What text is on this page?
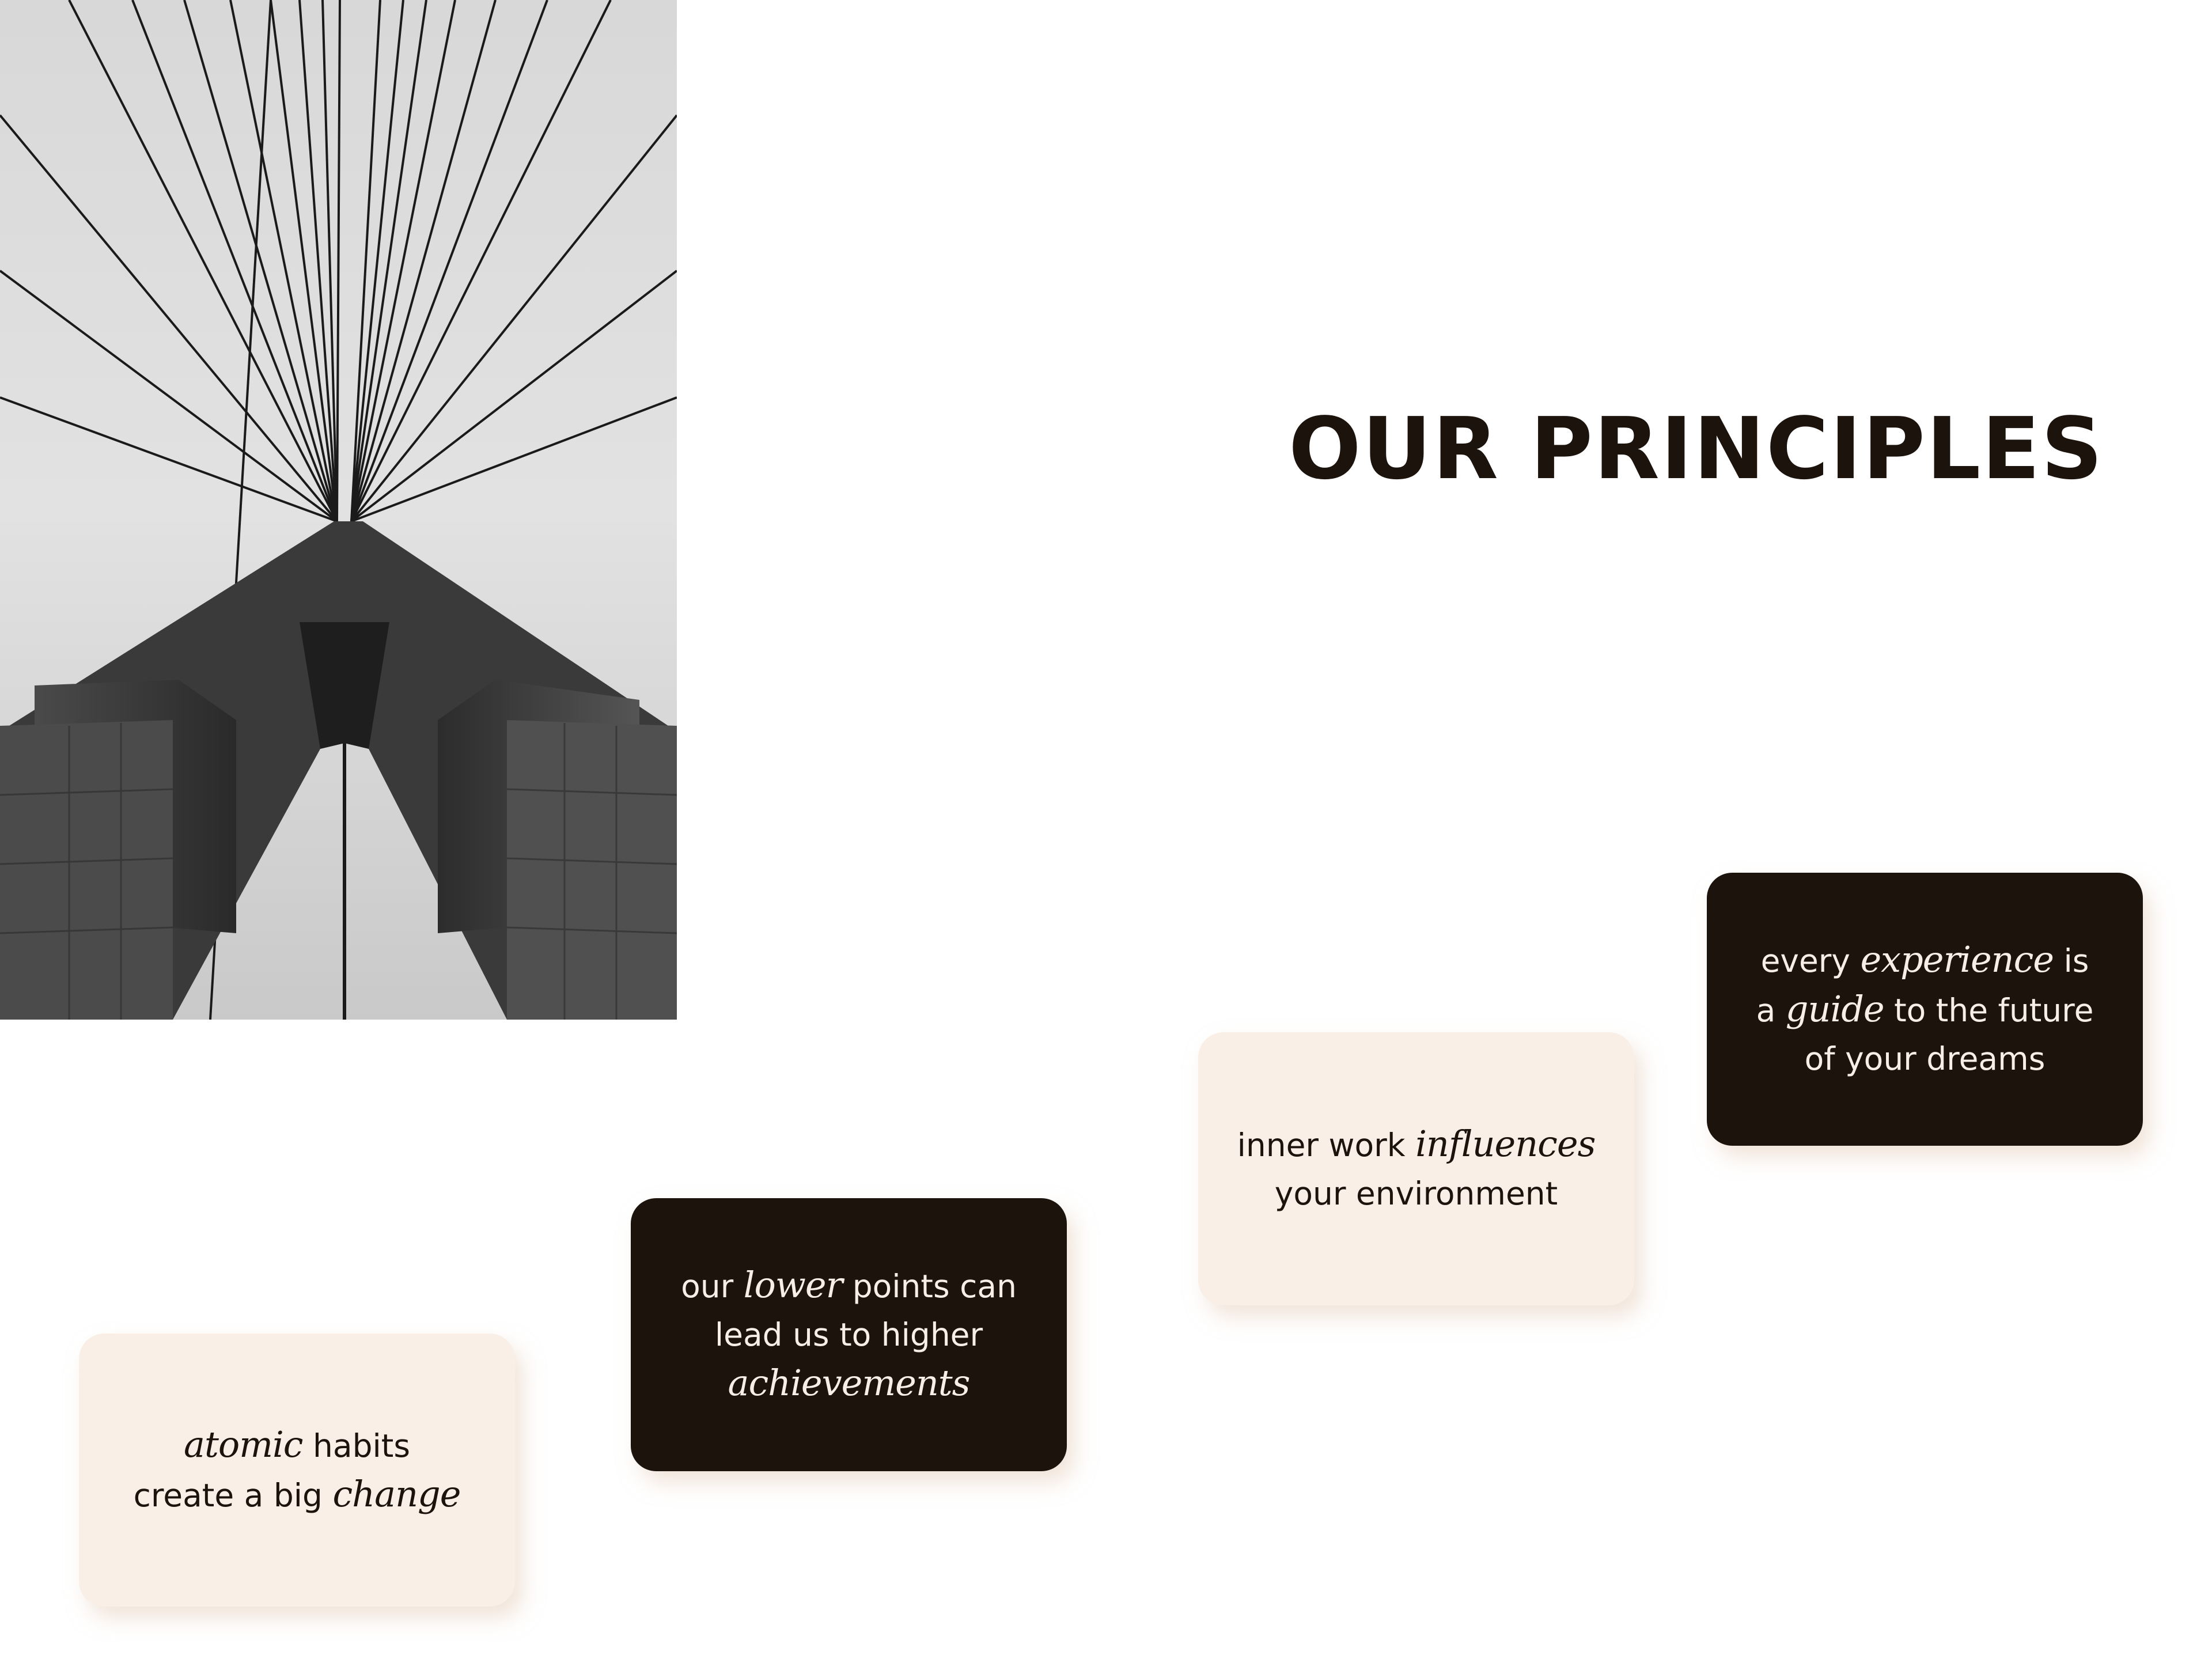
OUR PRINCIPLES
atomic habits
create a big change
our lower points can
lead us to higher
achievements
inner work influences
your environment
every experience is
a guide to the future
of your dreams
